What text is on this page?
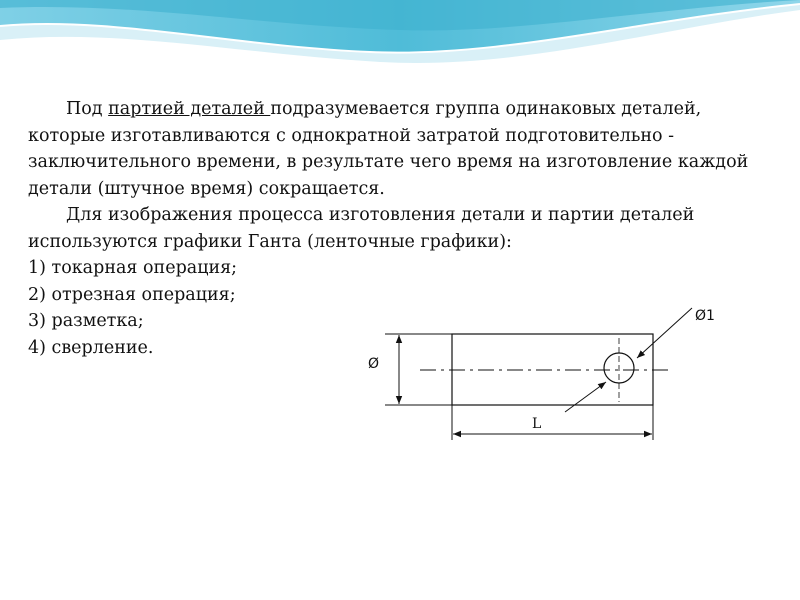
Под партией деталей подразумевается группа одинаковых деталей, которые изготавливаются с однократной затратой подготовительно - заключительного времени, в результате чего время на изготовление каждой детали (штучное время) сокращается.

Для изображения процесса изготовления детали и партии деталей используются графики Ганта (ленточные графики):

1) токарная операция;

2) отрезная операция;

3) разметка;

4) сверление.

Ø
Ø1
L
